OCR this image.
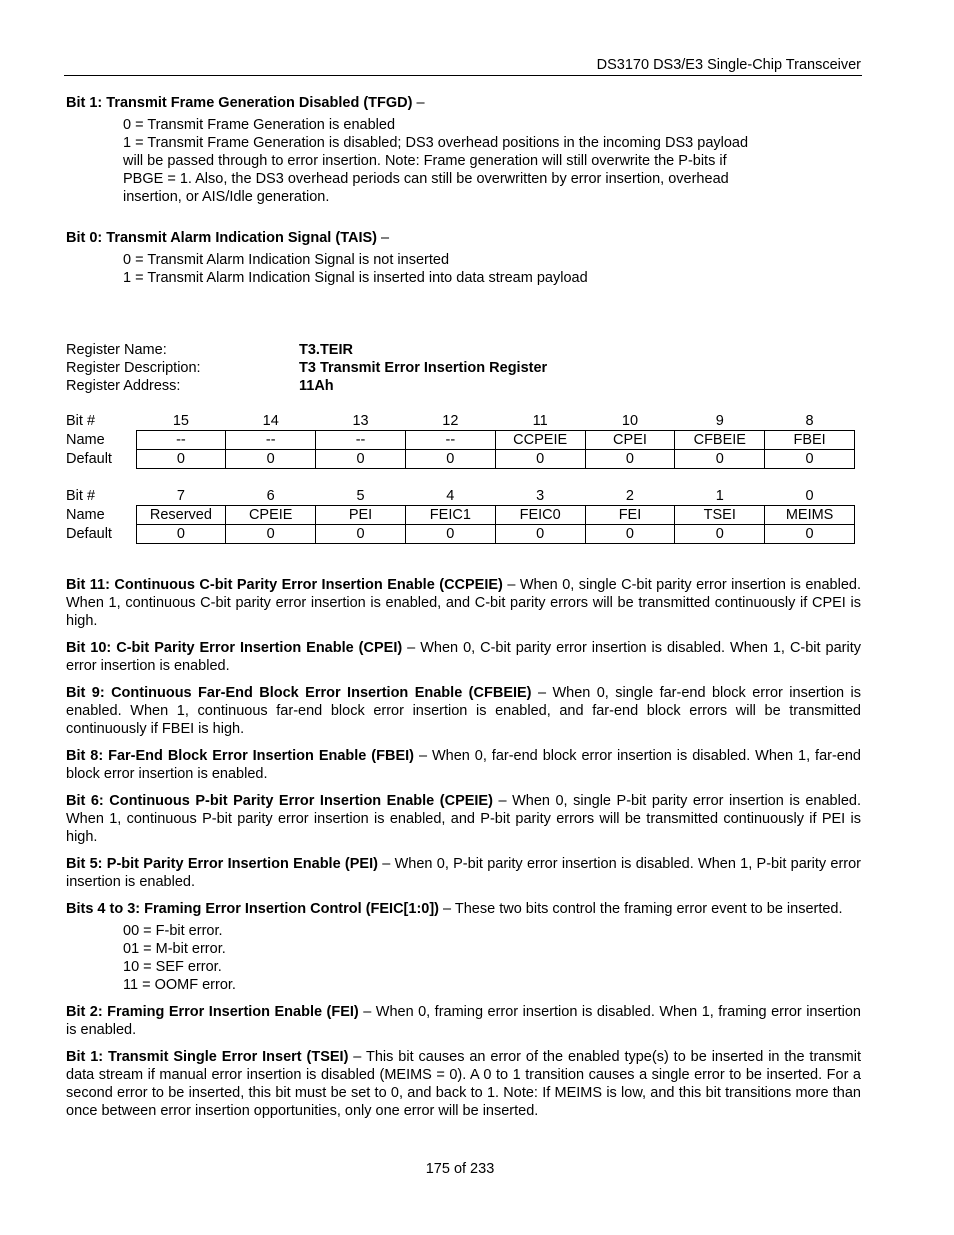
DS3170 DS3/E3 Single-Chip Transceiver

Bit 1: Transmit Frame Generation Disabled (TFGD) –

0 = Transmit Frame Generation is enabled
1 = Transmit Frame Generation is disabled; DS3 overhead positions in the incoming DS3 payload
will be passed through to error insertion. Note: Frame generation will still overwrite the P-bits if
PBGE = 1. Also, the DS3 overhead periods can still be overwritten by error insertion, overhead
insertion, or AIS/Idle generation.

Bit 0: Transmit Alarm Indication Signal (TAIS) –

0 = Transmit Alarm Indication Signal is not inserted
1 = Transmit Alarm Indication Signal is inserted into data stream payload
Register Name:	T3.TEIR
Register Description:	T3 Transmit Error Insertion Register
Register Address:	11Ah
Bit #	15	14	13	12	11	10	9	8
Name	--	--	--	--	CCPEIE	CPEI	CFBEIE	FBEI
Default	0	0	0	0	0	0	0	0
Bit #	7	6	5	4	3	2	1	0
Name	Reserved	CPEIE	PEI	FEIC1	FEIC0	FEI	TSEI	MEIMS
Default	0	0	0	0	0	0	0	0

Bit 11: Continuous C-bit Parity Error Insertion Enable (CCPEIE) – When 0, single C-bit parity error insertion is enabled. When 1, continuous C-bit parity error insertion is enabled, and C-bit parity errors will be transmitted continuously if CPEI is high.

Bit 10: C-bit Parity Error Insertion Enable (CPEI) – When 0, C-bit parity error insertion is disabled. When 1, C-bit parity error insertion is enabled.

Bit 9: Continuous Far-End Block Error Insertion Enable (CFBEIE) – When 0, single far-end block error insertion is enabled. When 1, continuous far-end block error insertion is enabled, and far-end block errors will be transmitted continuously if FBEI is high.

Bit 8: Far-End Block Error Insertion Enable (FBEI) – When 0, far-end block error insertion is disabled. When 1, far-end block error insertion is enabled.

Bit 6: Continuous P-bit Parity Error Insertion Enable (CPEIE) – When 0, single P-bit parity error insertion is enabled. When 1, continuous P-bit parity error insertion is enabled, and P-bit parity errors will be transmitted continuously if PEI is high.

Bit 5: P-bit Parity Error Insertion Enable (PEI) – When 0, P-bit parity error insertion is disabled. When 1, P-bit parity error insertion is enabled.

Bits 4 to 3: Framing Error Insertion Control (FEIC[1:0]) – These two bits control the framing error event to be inserted.

00 = F-bit error.
01 = M-bit error.
10 = SEF error.
11 = OOMF error.

Bit 2: Framing Error Insertion Enable (FEI) – When 0, framing error insertion is disabled. When 1, framing error insertion is enabled.

Bit 1: Transmit Single Error Insert (TSEI) – This bit causes an error of the enabled type(s) to be inserted in the transmit data stream if manual error insertion is disabled (MEIMS = 0). A 0 to 1 transition causes a single error to be inserted. For a second error to be inserted, this bit must be set to 0, and back to 1. Note: If MEIMS is low, and this bit transitions more than once between error insertion opportunities, only one error will be inserted.

175 of 233
